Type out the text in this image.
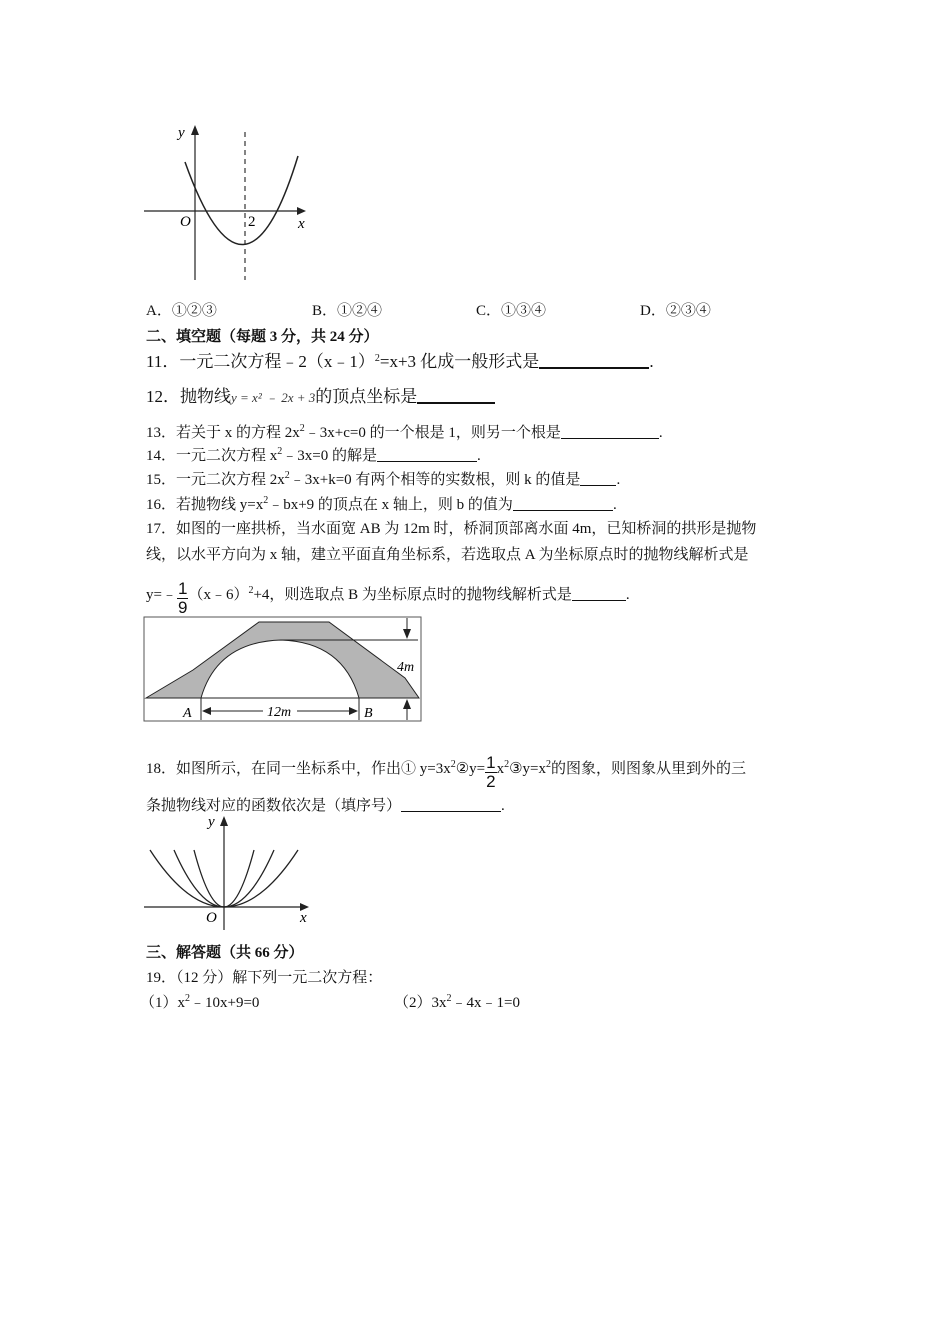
y
x
O	2
A．①②③	B．①②④	C．①③④	D．②③④
二、填空题（每题 3 分，共 24 分）
11．一元二次方程﹣2（x﹣1）$^2$=x+3 化成一般形式是	.
12．抛物线y = x² ﹣ 2x + 3的顶点坐标是
13．若关于 x 的方程 $2x^2﹣3x+c=0$ 的一个根是 1，则另一个根是	.
14．一元二次方程 $x^2﹣3x=0$ 的解是	.
15．一元二次方程 $2x^2﹣3x+k=0$ 有两个相等的实数根，则 k 的值是 .
16．若抛物线 $y=x^2﹣bx+9$ 的顶点在 x 轴上，则 b 的值为	.
17．如图的一座拱桥，当水面宽 AB 为 12m 时，桥洞顶部离水面 4m，已知桥洞的拱形是抛物
线，以水平方向为 x 轴，建立平面直角坐标系，若选取点 A 为坐标原点时的抛物线解析式是
y=﹣ $\frac{1}{9}$ （x﹣6）$^2$+4，则选取点 B 为坐标原点时的抛物线解析式是	.
12m
4m
A	B
18．如图所示，在同一坐标系中，作出① $y=3x^2②y= \frac{1}{2}$ $x^2③y=x^2$的图象，则图象从里到外的三
条抛物线对应的函数依次是（填序号）	.
y
x
O
三、解答题（共 66 分）
19．（12 分）解下列一元二次方程：
$(1)x^2﹣10x+9=0$	$(2)3x^2﹣4x﹣1=0$
